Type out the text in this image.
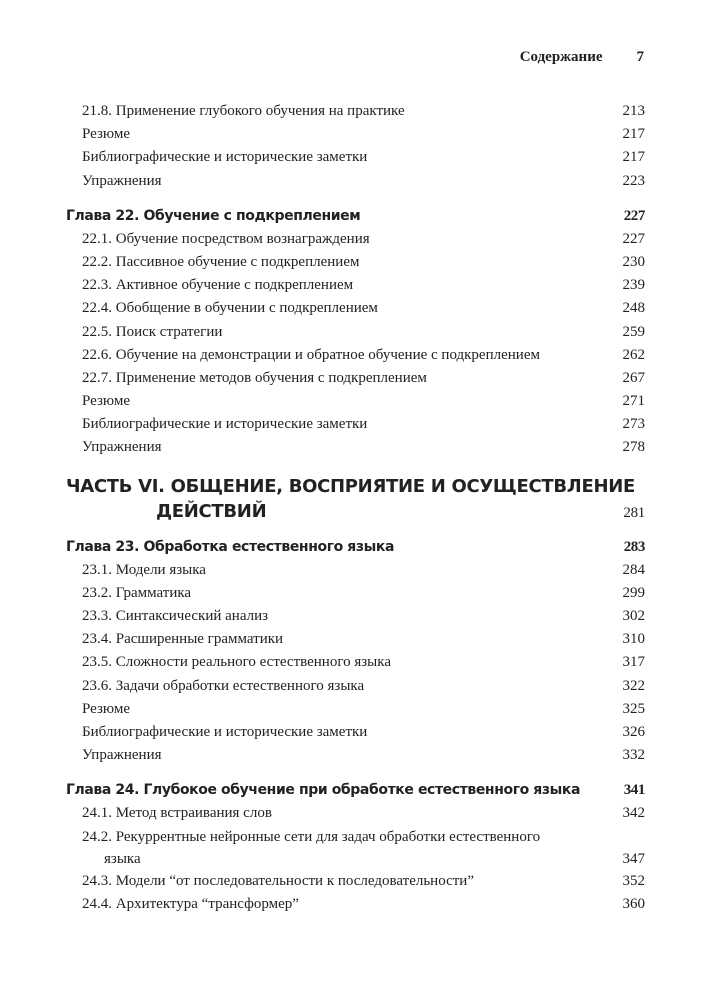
Содержание 7
21.8. Применение глубокого обучения на практике	213
Резюме	217
Библиографические и исторические заметки	217
Упражнения	223
Глава 22. Обучение с подкреплением	227
22.1. Обучение посредством вознаграждения	227
22.2. Пассивное обучение с подкреплением	230
22.3. Активное обучение с подкреплением	239
22.4. Обобщение в обучении с подкреплением	248
22.5. Поиск стратегии	259
22.6. Обучение на демонстрации и обратное обучение с подкреплением	262
22.7. Применение методов обучения с подкреплением	267
Резюме	271
Библиографические и исторические заметки	273
Упражнения	278
ЧАСТЬ VI. ОБЩЕНИЕ, ВОСПРИЯТИЕ И ОСУЩЕСТВЛЕНИЕ
ДЕЙСТВИЙ	281
Глава 23. Обработка естественного языка	283
23.1. Модели языка	284
23.2. Грамматика	299
23.3. Синтаксический анализ	302
23.4. Расширенные грамматики	310
23.5. Сложности реального естественного языка	317
23.6. Задачи обработки естественного языка	322
Резюме	325
Библиографические и исторические заметки	326
Упражнения	332
Глава 24. Глубокое обучение при обработке естественного языка	341
24.1. Метод встраивания слов	342
24.2. Рекуррентные нейронные сети для задач обработки естественного
языка	347
24.3. Модели “от последовательности к последовательности”	352
24.4. Архитектура “трансформер”	360
